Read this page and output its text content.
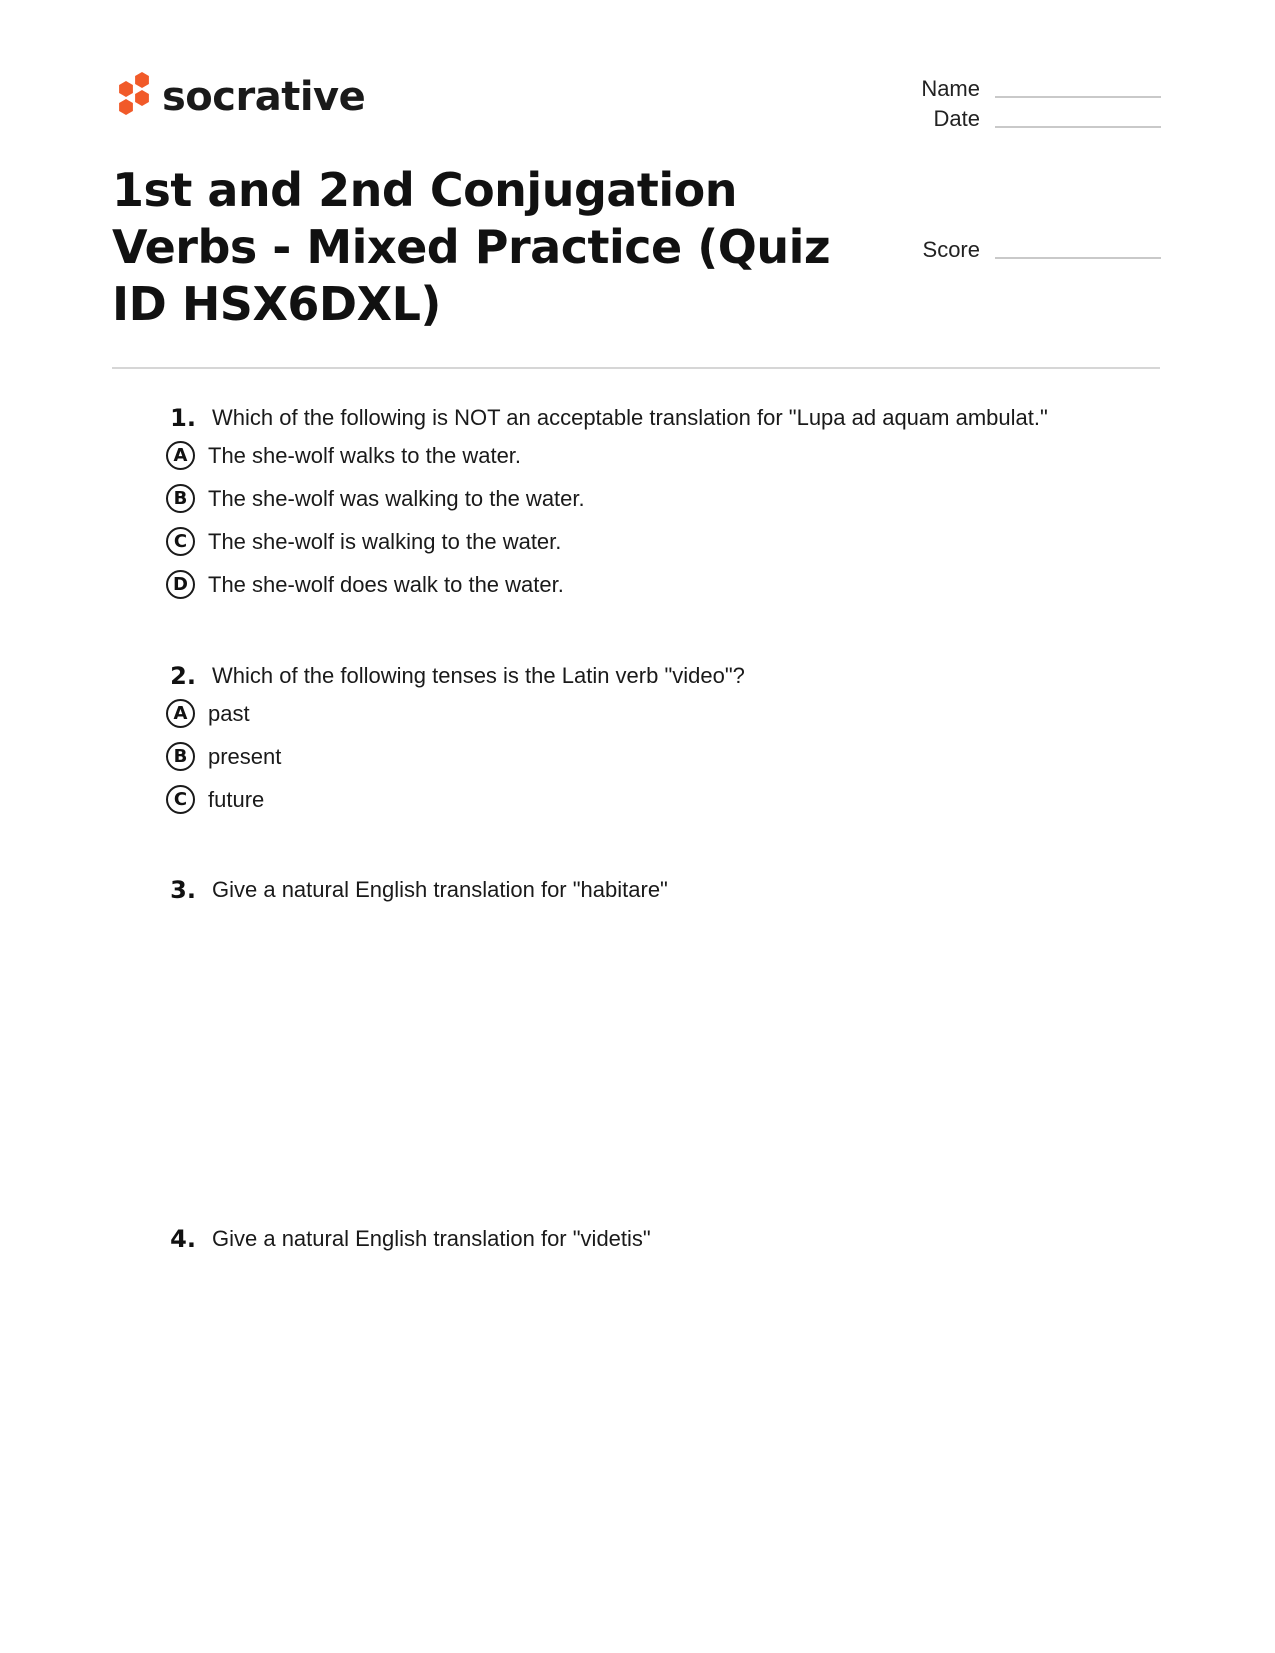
socrative	Name
Date
Score
1st and 2nd Conjugation Verbs - Mixed Practice (Quiz ID HSX6DXL)
1. Which of the following is NOT an acceptable translation for "Lupa ad aquam ambulat."
A The she-wolf walks to the water.
B The she-wolf was walking to the water.
C The she-wolf is walking to the water.
D The she-wolf does walk to the water.
2. Which of the following tenses is the Latin verb "video"?
A past
B present
C future
3. Give a natural English translation for "habitare"
4. Give a natural English translation for "videtis"
